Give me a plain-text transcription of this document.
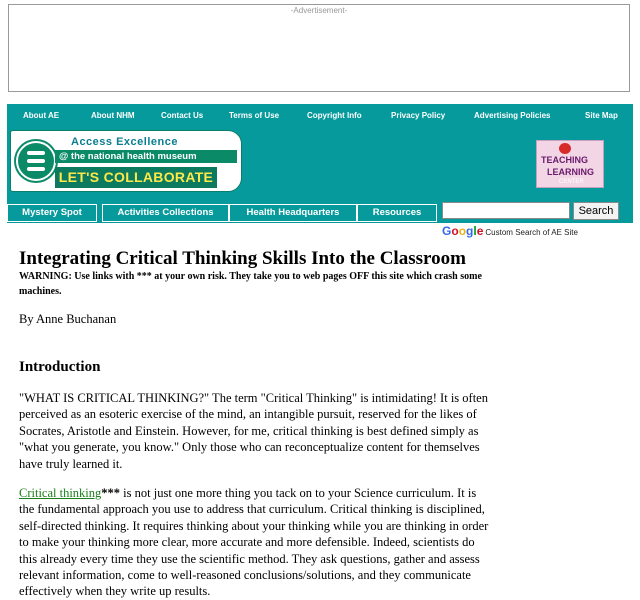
-Advertisement-
About AE	About NHM	Contact Us	Terms of Use	Copyright Info	Privacy Policy	Advertising Policies	Site Map
Access Excellence
@ the national health museum
LET'S COLLABORATE
TEACHING
LEARNING
CENTER
Mystery Spot	Activities Collections	Health Headquarters	Resources	Search
Google Custom Search of AE Site
Integrating Critical Thinking Skills Into the Classroom
WARNING: Use links with *** at your own risk. They take you to web pages OFF this site which crash some machines.
By Anne Buchanan
Introduction

"WHAT IS CRITICAL THINKING?" The term "Critical Thinking" is intimidating! It is often perceived as an esoteric exercise of the mind, an intangible pursuit, reserved for the likes of Socrates, Aristotle and Einstein. However, for me, critical thinking is best defined simply as "what you generate, you know." Only those who can reconceptualize content for themselves have truly learned it.

Critical thinking*** is not just one more thing you tack on to your Science curriculum. It is the fundamental approach you use to address that curriculum. Critical thinking is disciplined, self-directed thinking. It requires thinking about your thinking while you are thinking in order to make your thinking more clear, more accurate and more defensible. Indeed, scientists do this already every time they use the scientific method. They ask questions, gather and assess relevant information, come to well-reasoned conclusions/solutions, and they communicate effectively when they write up results.
